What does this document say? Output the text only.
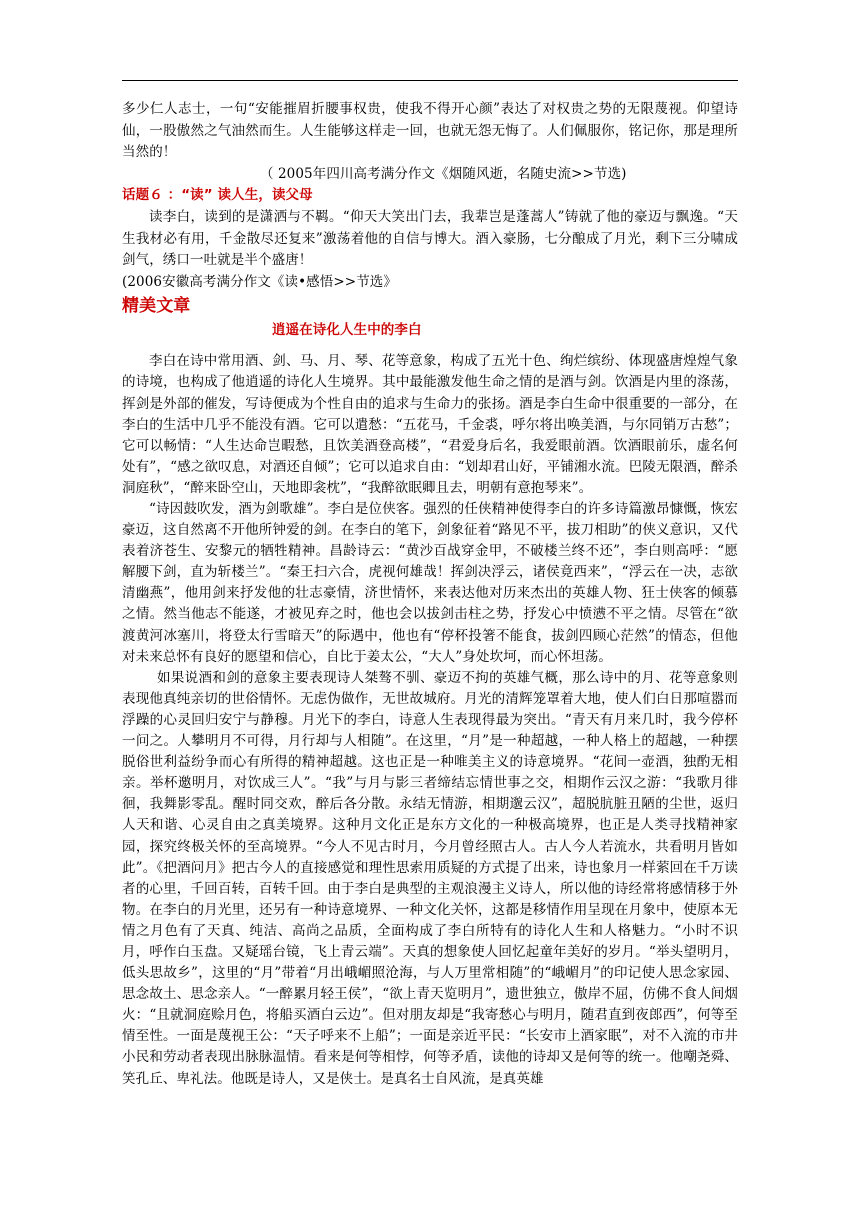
多少仁人志士，一句“安能摧眉折腰事权贵，使我不得开心颜”表达了对权贵之势的无限蔑视。仰望诗仙，一股傲然之气油然而生。人生能够这样走一回，也就无怨无悔了。人们佩服你，铭记你，那是理所当然的！

（ 2005年四川高考满分作文《烟随风逝，名随史流>>节选)

话题６ ：“读” 读人生，读父母

读李白，读到的是潇洒与不羁。“仰天大笑出门去，我辈岂是蓬蒿人”铸就了他的豪迈与飘逸。“天生我材必有用，千金散尽还复来”激荡着他的自信与博大。酒入豪肠，七分酿成了月光，剩下三分啸成剑气，绣口一吐就是半个盛唐！

(2006安徽高考满分作文《读•感悟>>节选》

精美文章

逍遥在诗化人生中的李白

李白在诗中常用酒、剑、马、月、琴、花等意象，构成了五光十色、绚烂缤纷、体现盛唐煌煌气象的诗境，也构成了他逍遥的诗化人生境界。其中最能激发他生命之情的是酒与剑。饮酒是内里的涤荡，挥剑是外部的催发，写诗便成为个性自由的追求与生命力的张扬。酒是李白生命中很重要的一部分，在李白的生活中几乎不能没有酒。它可以遣愁：“五花马，千金裘，呼尔将出唤美酒，与尔同销万古愁”；它可以畅情：“人生达命岂暇愁，且饮美酒登高楼”，“君爱身后名，我爱眼前酒。饮酒眼前乐，虚名何处有”，“感之欲叹息，对酒还自倾”；它可以追求自由：“划却君山好，平铺湘水流。巴陵无限酒，醉杀洞庭秋”，“醉来卧空山，天地即衾枕”，“我醉欲眠卿且去，明朝有意抱琴来”。

“诗因鼓吹发，酒为剑歌雄”。李白是位侠客。强烈的任侠精神使得李白的许多诗篇激昂慷慨，恢宏豪迈，这自然离不开他所钟爱的剑。在李白的笔下，剑象征着“路见不平，拔刀相助”的侠义意识，又代表着济苍生、安黎元的牺牲精神。昌龄诗云：“黄沙百战穿金甲，不破楼兰终不还”，李白则高呼：“愿解腰下剑，直为斩楼兰”。“秦王扫六合，虎视何雄哉！挥剑决浮云，诸侯竟西来”，“浮云在一决，志欲清幽燕”，他用剑来抒发他的壮志豪情，济世情怀，来表达他对历来杰出的英雄人物、狂士侠客的倾慕之情。然当他志不能遂，才被见弃之时，他也会以拔剑击柱之势，抒发心中愤懑不平之情。尽管在“欲渡黄河冰塞川，将登太行雪暗天”的际遇中，他也有“停杯投箸不能食，拔剑四顾心茫然”的情态，但他对未来总怀有良好的愿望和信心，自比于姜太公，“大人”身处坎坷，而心怀坦荡。

如果说酒和剑的意象主要表现诗人桀骜不驯、豪迈不拘的英雄气概，那么诗中的月、花等意象则表现他真纯亲切的世俗情怀。无虑伪做作，无世故城府。月光的清辉笼罩着大地，使人们白日那喧嚣而浮躁的心灵回归安宁与静穆。月光下的李白，诗意人生表现得最为突出。“青天有月来几时，我今停杯一问之。人攀明月不可得，月行却与人相随”。在这里，“月”是一种超越，一种人格上的超越，一种摆脱俗世利益纷争而心有所得的精神超越。这也正是一种唯美主义的诗意境界。“花间一壶酒，独酌无相亲。举杯邀明月，对饮成三人”。“我”与月与影三者缔结忘情世事之交，相期作云汉之游：“我歌月徘徊，我舞影零乱。醒时同交欢，醉后各分散。永结无情游，相期邈云汉”，超脱肮脏丑陋的尘世，返归人天和谐、心灵自由之真美境界。这种月文化正是东方文化的一种极高境界，也正是人类寻找精神家园，探究终极关怀的至高境界。“今人不见古时月，今月曾经照古人。古人今人若流水，共看明月皆如此”。《把酒问月》把古今人的直接感觉和理性思索用质疑的方式提了出来，诗也象月一样萦回在千万读者的心里，千回百转，百转千回。由于李白是典型的主观浪漫主义诗人，所以他的诗经常将感情移于外物。在李白的月光里，还另有一种诗意境界、一种文化关怀，这都是移情作用呈现在月象中，使原本无情之月色有了天真、纯洁、高尚之品质，全面构成了李白所特有的诗化人生和人格魅力。“小时不识月，呼作白玉盘。又疑瑶台镜，飞上青云端”。天真的想象使人回忆起童年美好的岁月。“举头望明月，低头思故乡”，这里的“月”带着“月出峨嵋照沧海，与人万里常相随”的“峨嵋月”的印记使人思念家园、思念故土、思念亲人。“一醉累月轻王侯”，“欲上青天览明月”，遗世独立，傲岸不屈，仿佛不食人间烟火：“且就洞庭赊月色，将船买酒白云边”。但对朋友却是“我寄愁心与明月，随君直到夜郎西”，何等至情至性。一面是蔑视王公：“天子呼来不上船”；一面是亲近平民：“长安市上酒家眠”，对不入流的市井小民和劳动者表现出脉脉温情。看来是何等相悖，何等矛盾，读他的诗却又是何等的统一。他嘲尧舜、笑孔丘、卑礼法。他既是诗人，又是侠士。是真名士自风流，是真英雄
